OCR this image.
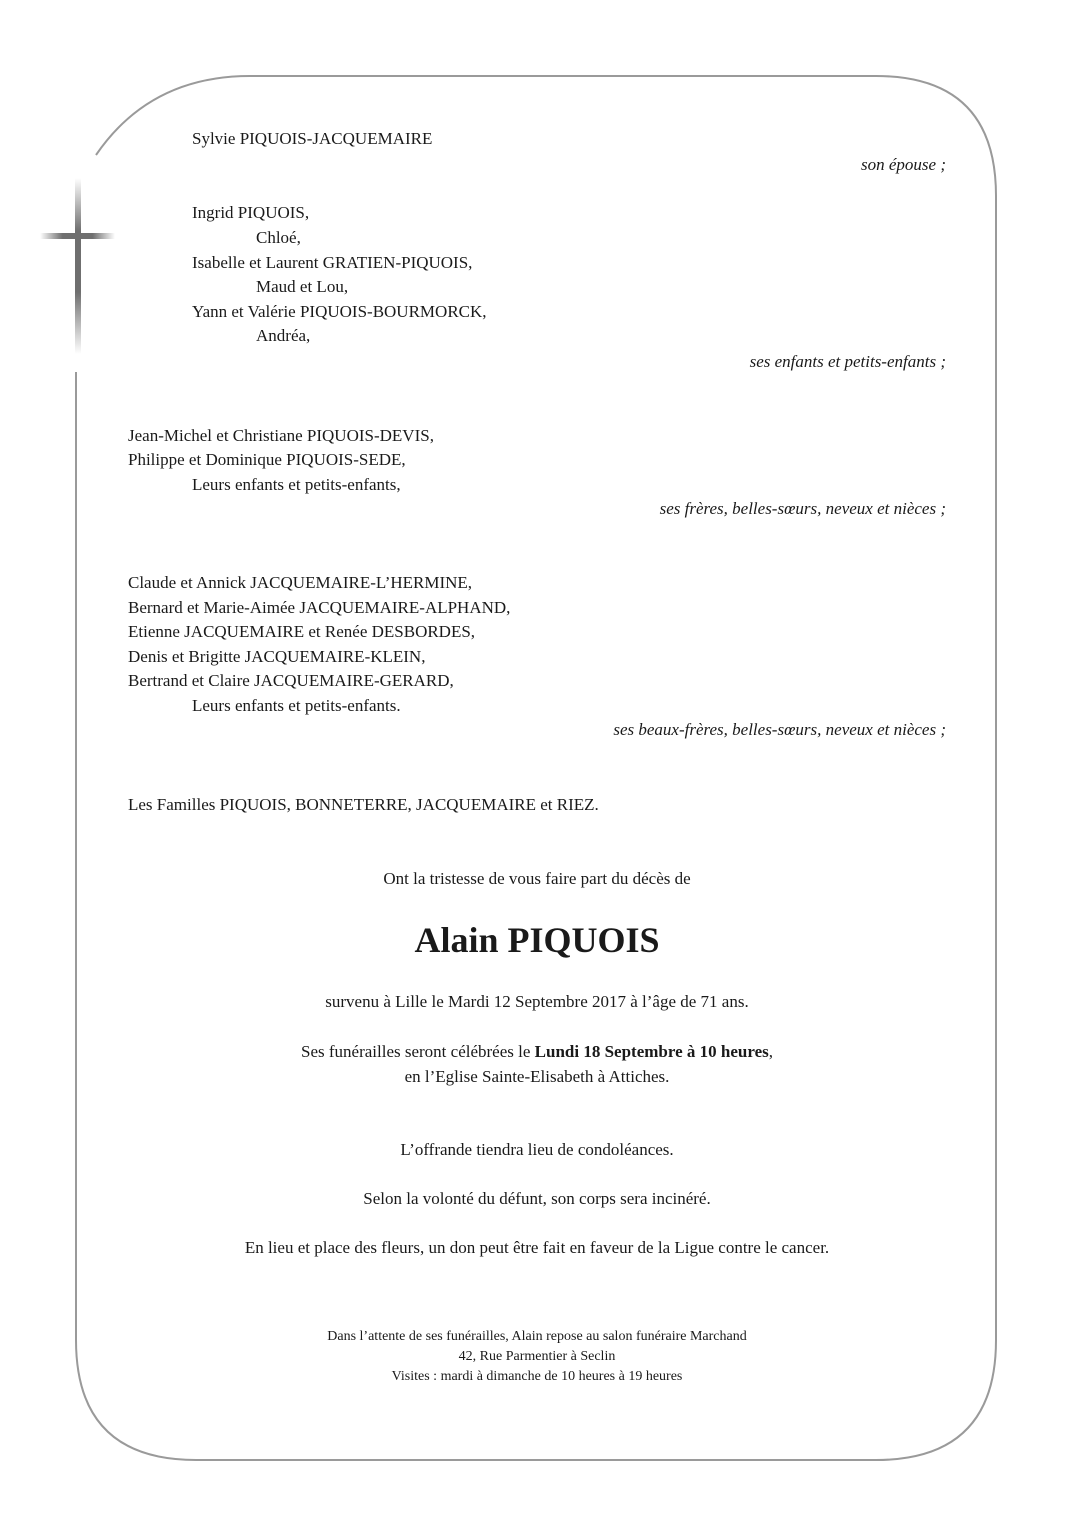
Sylvie PIQUOIS-JACQUEMAIRE
son épouse ;
Ingrid PIQUOIS,
Chloé,
Isabelle et Laurent GRATIEN-PIQUOIS,
Maud et Lou,
Yann et Valérie PIQUOIS-BOURMORCK,
Andréa,
ses enfants et petits-enfants ;
Jean-Michel et Christiane PIQUOIS-DEVIS,
Philippe et Dominique PIQUOIS-SEDE,
Leurs enfants et petits-enfants,
ses frères, belles-sœurs, neveux et nièces ;
Claude et Annick JACQUEMAIRE-L’HERMINE,
Bernard et Marie-Aimée JACQUEMAIRE-ALPHAND,
Etienne JACQUEMAIRE et Renée DESBORDES,
Denis et Brigitte JACQUEMAIRE-KLEIN,
Bertrand et Claire JACQUEMAIRE-GERARD,
Leurs enfants et petits-enfants.
ses beaux-frères, belles-sœurs, neveux et nièces ;
Les Familles PIQUOIS, BONNETERRE, JACQUEMAIRE et RIEZ.
Ont la tristesse de vous faire part du décès de
Alain PIQUOIS
survenu à Lille le Mardi 12 Septembre 2017 à l’âge de 71 ans.
Ses funérailles seront célébrées le Lundi 18 Septembre à 10 heures,
en l’Eglise Sainte-Elisabeth à Attiches.
L’offrande tiendra lieu de condoléances.
Selon la volonté du défunt, son corps sera incinéré.
En lieu et place des fleurs, un don peut être fait en faveur de la Ligue contre le cancer.
Dans l’attente de ses funérailles, Alain repose au salon funéraire Marchand
42, Rue Parmentier à Seclin
Visites : mardi à dimanche de 10 heures à 19 heures
